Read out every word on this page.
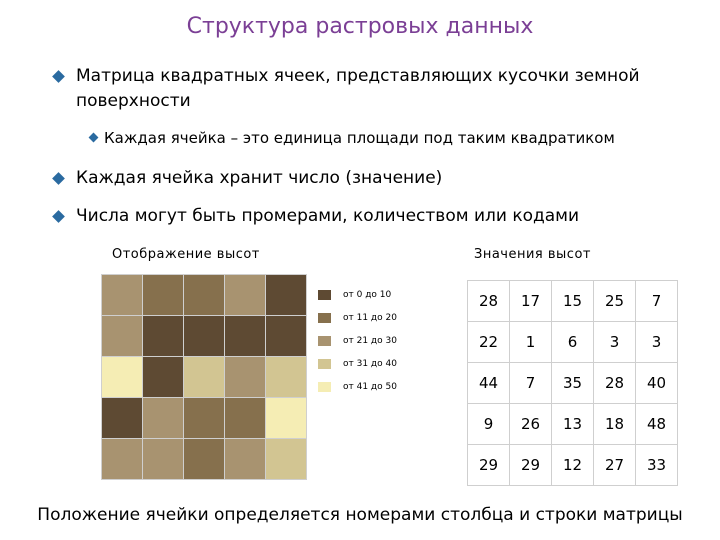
Структура растровых данных
Матрица квадратных ячеек, представляющих кусочки земной
поверхности
Каждая ячейка – это единица площади под таким квадратиком
Каждая ячейка хранит число (значение)
Числа могут быть промерами, количеством или кодами
Отображение высот	Значения высот
от 0 до 10
от 11 до 20
от 21 до 30
от 31 до 40
от 41 до 50
28	17	15	25	7
22	1	6	3	3
44	7	35	28	40
9	26	13	18	48
29	29	12	27	33
Положение ячейки определяется номерами столбца и строки матрицы
